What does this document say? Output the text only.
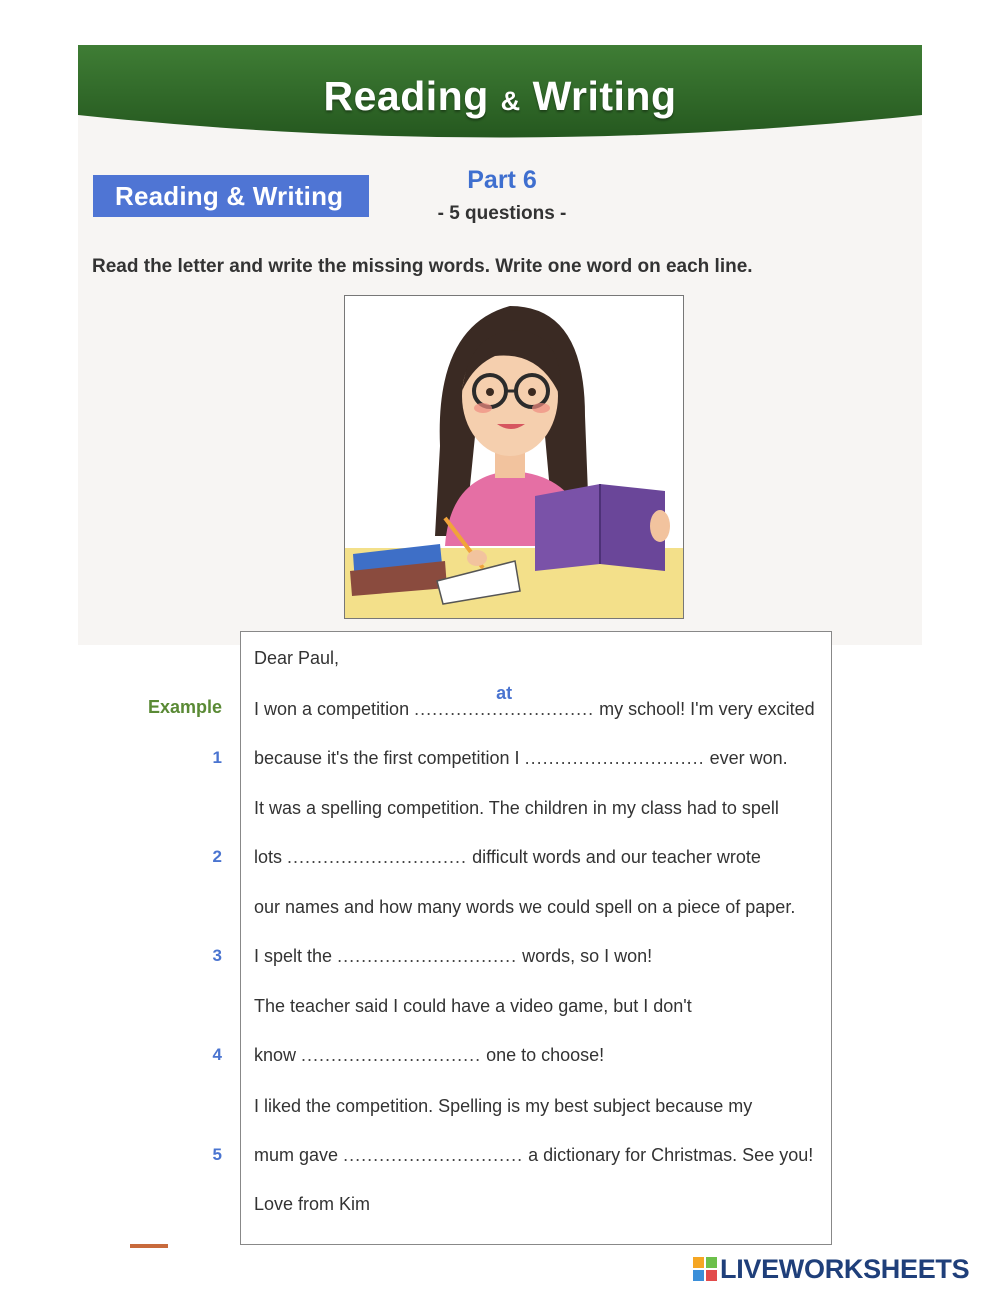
Reading & Writing
Reading & Writing
Part 6
- 5 questions -
Read the letter and write the missing words. Write one word on each line.
Dear Paul,
Example I won a competition ..............................
at
my school! I'm very excited
1 because it's the first competition I .............................. ever won.
It was a spelling competition. The children in my class had to spell
2 lots .............................. difficult words and our teacher wrote
our names and how many words we could spell on a piece of paper.
3 I spelt the .............................. words, so I won!
The teacher said I could have a video game, but I don't
4 know .............................. one to choose!
I liked the competition. Spelling is my best subject because my
5 mum gave .............................. a dictionary for Christmas. See you!
Love from Kim
LIVEWORKSHEETS
